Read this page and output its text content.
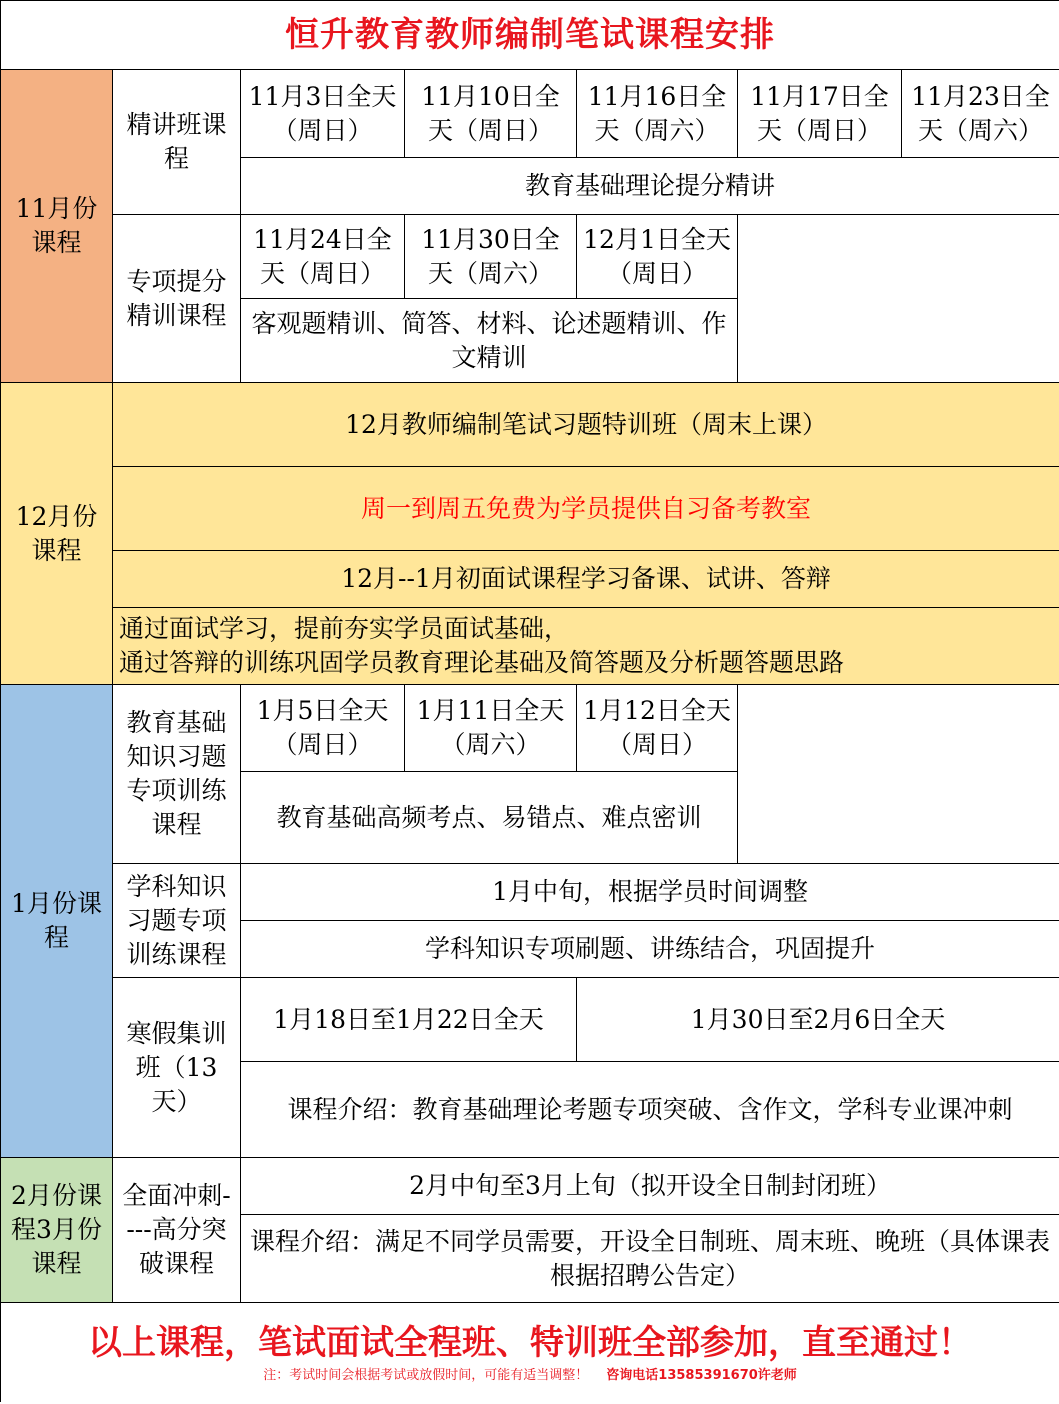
恒升教育教师编制笔试课程安排						
11月份课程	精讲班课程	11月3日全天（周日）	11月10日全天（周日）	11月16日全天（周六）	11月17日全天（周日）	11月23日全天（周六）
		教育基础理论提分精讲				
	专项提分精训课程	11月24日全天（周日）	11月30日全天（周六）	12月1日全天（周日）		
		客观题精训、简答、材料、论述题精训、作文精训				
12月份课程	12月教师编制笔试习题特训班（周末上课）					
	周一到周五免费为学员提供自习备考教室					
	12月--1月初面试课程学习备课、试讲、答辩					

	通过面试学习，提前夯实学员面试基础，
通过答辩的训练巩固学员教育理论基础及简答题及分析题答题思路					

1月份课程	教育基础知识习题专项训练课程	1月5日全天（周日）	1月11日全天（周六）	1月12日全天（周日）		
		教育基础高频考点、易错点、难点密训				
	学科知识习题专项训练课程	1月中旬，根据学员时间调整				
		学科知识专项刷题、讲练结合，巩固提升				
	寒假集训班（13天）	1月18日至1月22日全天		1月30日至2月6日全天		
		课程介绍：教育基础理论考题专项突破、含作文，学科专业课冲刺				
2月份课程3月份课程	全面冲刺----高分突破课程	2月中旬至3月上旬（拟开设全日制封闭班）				
		课程介绍：满足不同学员需要，开设全日制班、周末班、晚班（具体课表根据招聘公告定）				

以上课程，笔试面试全程班、特训班全部参加，直至通过！
注：考试时间会根据考试或放假时间，可能有适当调整！ 咨询电话13585391670许老师						
